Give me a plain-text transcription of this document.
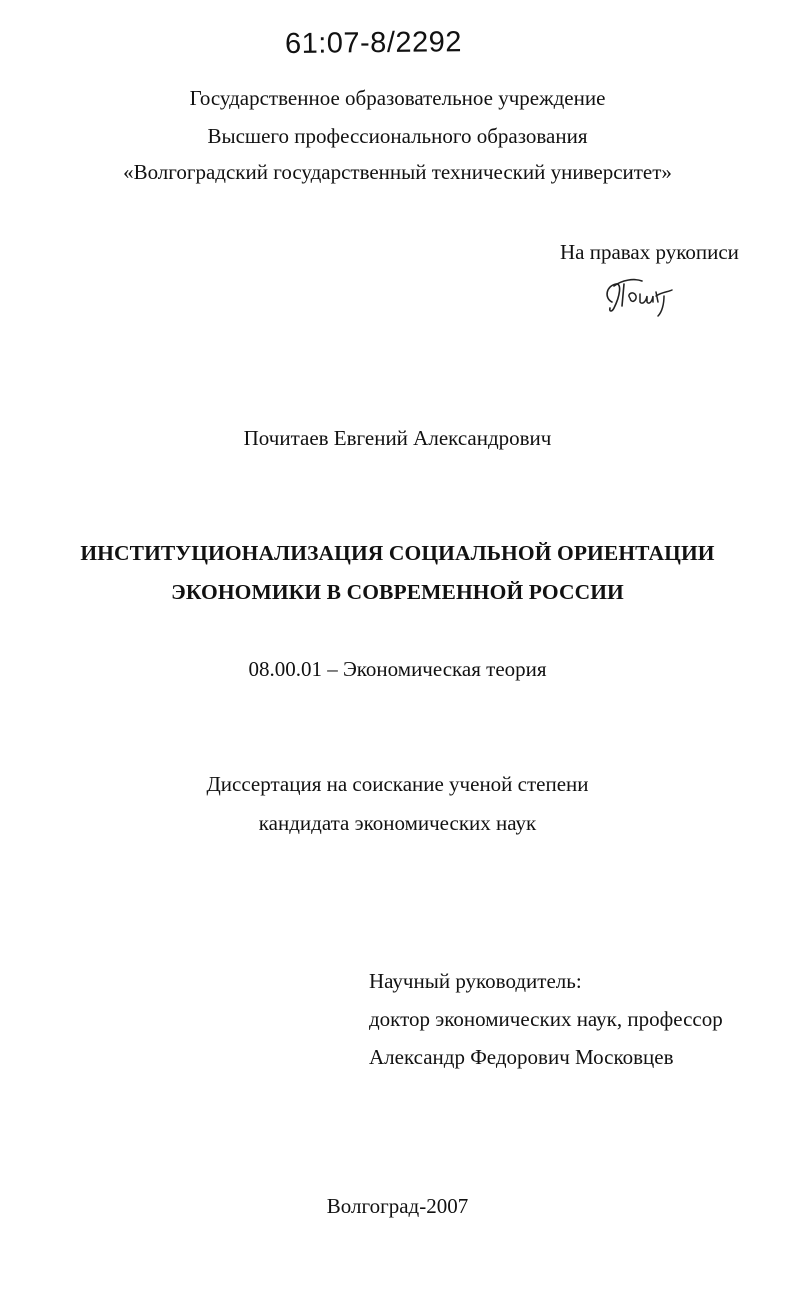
61:07-8/2292
Государственное образовательное учреждение
Высшего профессионального образования
«Волгоградский государственный технический университет»
На правах рукописи
Почитаев Евгений Александрович
ИНСТИТУЦИОНАЛИЗАЦИЯ СОЦИАЛЬНОЙ ОРИЕНТАЦИИ
ЭКОНОМИКИ В СОВРЕМЕННОЙ РОССИИ
08.00.01 – Экономическая теория
Диссертация на соискание ученой степени
кандидата экономических наук
Научный руководитель:
доктор экономических наук, профессор
Александр Федорович Московцев
Волгоград-2007
